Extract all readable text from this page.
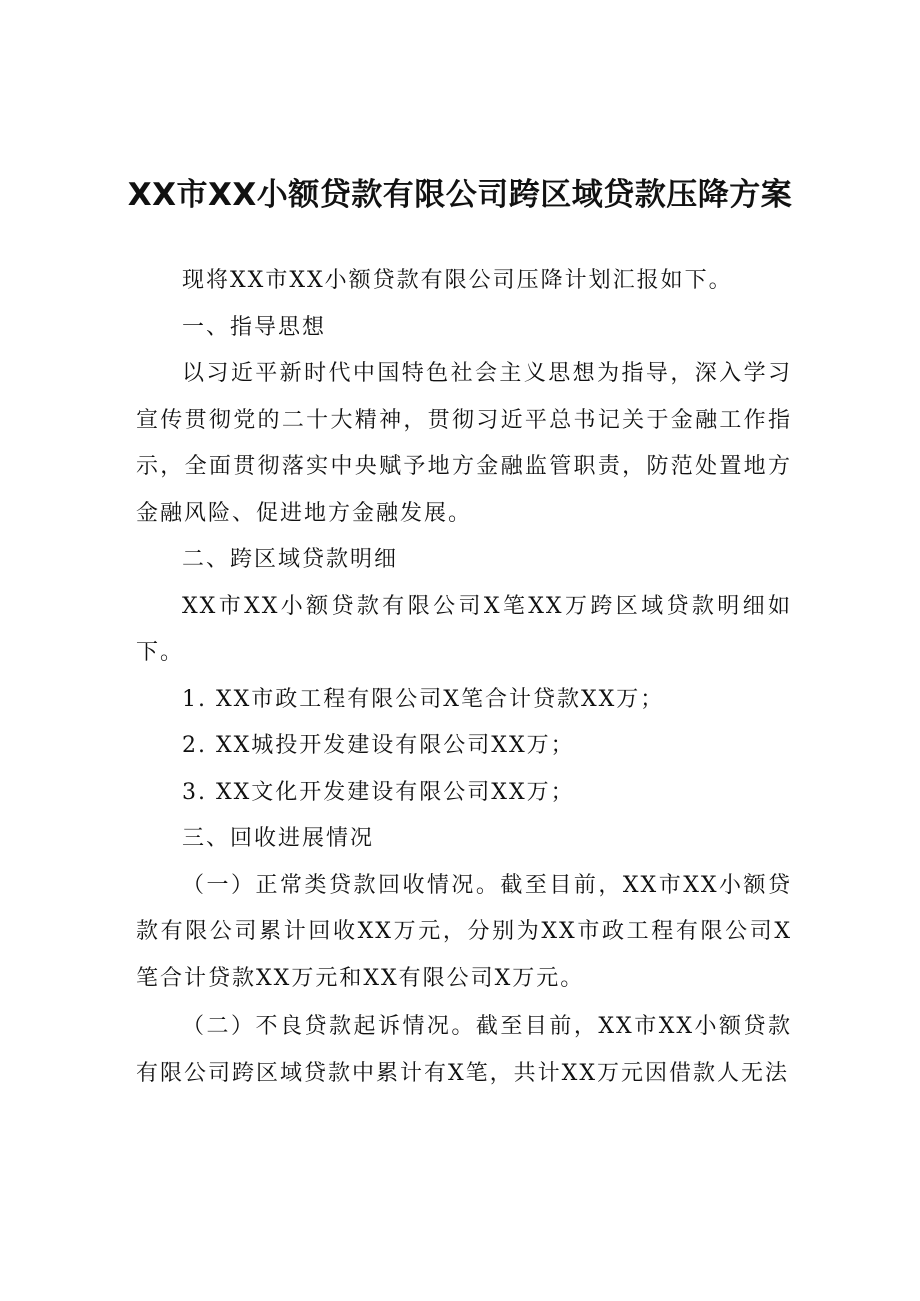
XX市XX小额贷款有限公司跨区域贷款压降方案

现将XX市XX小额贷款有限公司压降计划汇报如下。

一、指导思想

以习近平新时代中国特色社会主义思想为指导，深入学习宣传贯彻党的二十大精神，贯彻习近平总书记关于金融工作指示，全面贯彻落实中央赋予地方金融监管职责，防范处置地方金融风险、促进地方金融发展。

二、跨区域贷款明细

XX市XX小额贷款有限公司X笔XX万跨区域贷款明细如下。

1. XX市政工程有限公司X笔合计贷款XX万；

2. XX城投开发建设有限公司XX万；

3. XX文化开发建设有限公司XX万；

三、回收进展情况

（一）正常类贷款回收情况。截至目前，XX市XX小额贷款有限公司累计回收XX万元，分别为XX市政工程有限公司X笔合计贷款XX万元和XX有限公司X万元。

（二）不良贷款起诉情况。截至目前，XX市XX小额贷款有限公司跨区域贷款中累计有X笔，共计XX万元因借款人无法
